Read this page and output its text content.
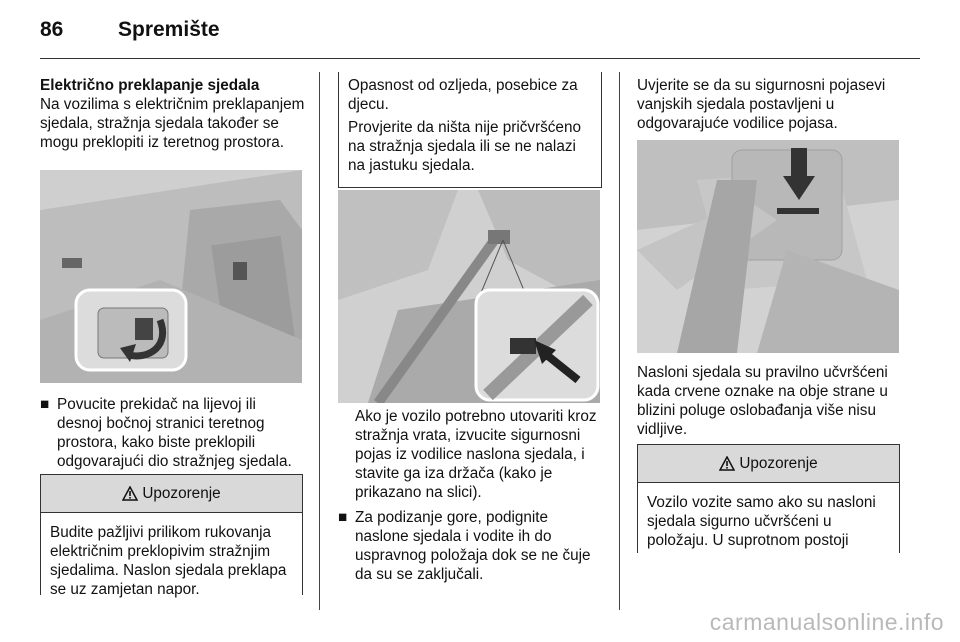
86	Spremište

Električno preklapanje sjedala
Na vozilima s električnim preklapanjem sjedala, stražnja sjedala također se mogu preklopiti iz teretnog prostora.

■ Povucite prekidač na lijevoj ili desnoj bočnoj stranici teretnog prostora, kako biste preklopili odgovarajući dio stražnjeg sjedala.
Upozorenje

Budite pažljivi prilikom rukovanja električnim preklopivim stražnjim sjedalima. Naslon sjedala preklapa se uz zamjetan napor.

Opasnost od ozljeda, posebice za djecu.

Provjerite da ništa nije pričvršćeno na stražnja sjedala ili se ne nalazi na jastuku sjedala.

Ako je vozilo potrebno utovariti kroz stražnja vrata, izvucite sigurnosni pojas iz vodilice naslona sjedala, i stavite ga iza držača (kako je prikazano na slici).

■ Za podizanje gore, podignite naslone sjedala i vodite ih do uspravnog položaja dok se ne čuje da su se zaključali.

Uvjerite se da su sigurnosni pojasevi vanjskih sjedala postavljeni u odgovarajuće vodilice pojasa.

Nasloni sjedala su pravilno učvršćeni kada crvene oznake na obje strane u blizini poluge oslobađanja više nisu vidljive.

Upozorenje

Vozilo vozite samo ako su nasloni sjedala sigurno učvršćeni u položaju. U suprotnom postoji

carmanualsonline.info
